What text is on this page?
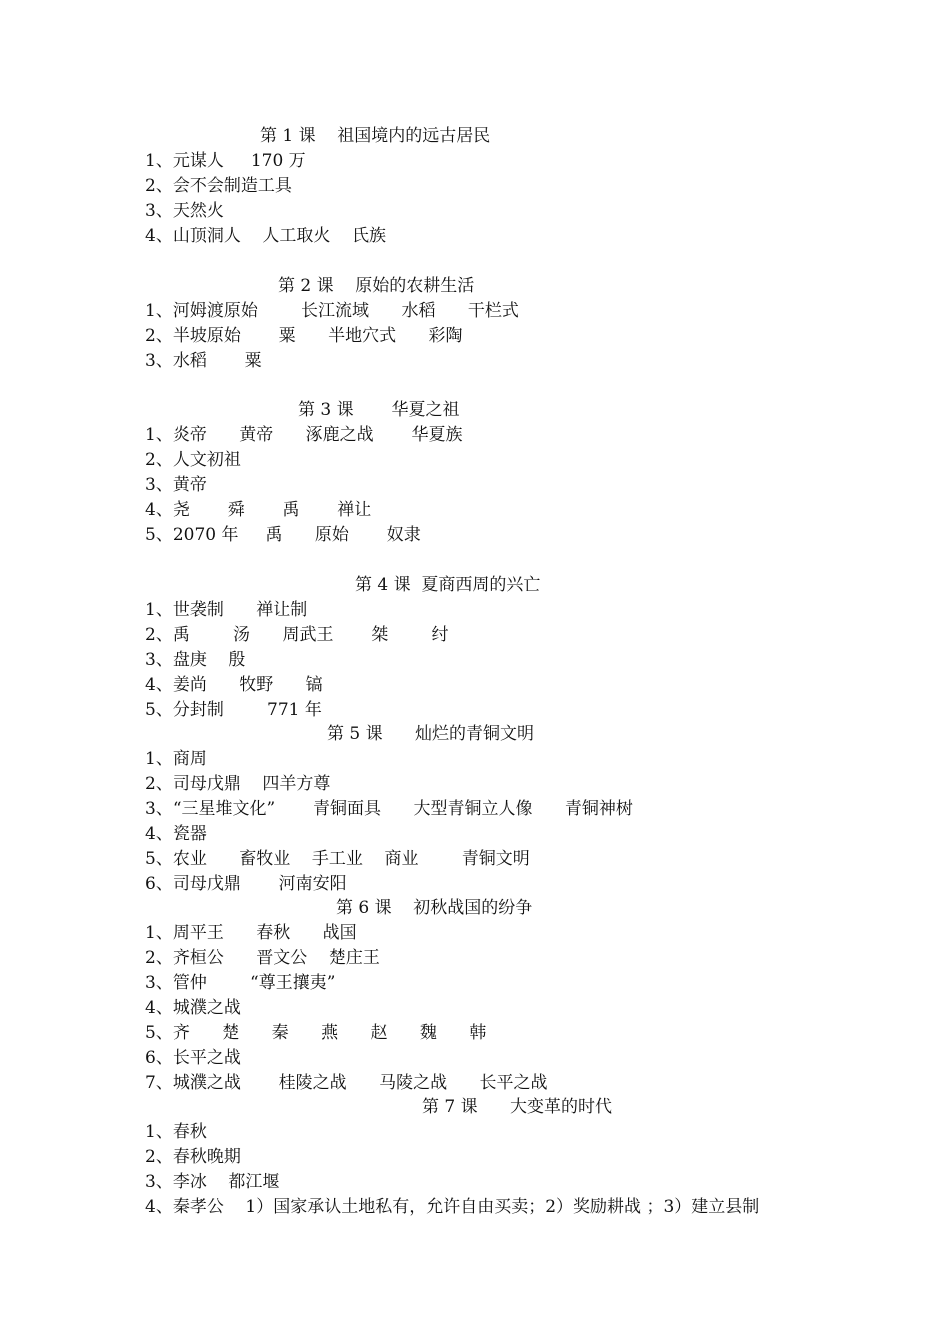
第 1 课    祖国境内的远古居民
1、元谋人     170 万
2、会不会制造工具
3、天然火
4、山顶洞人    人工取火    氏族
第 2 课    原始的农耕生活
1、河姆渡原始        长江流域      水稻      干栏式
2、半坡原始       粟      半地穴式      彩陶
3、水稻       粟
第 3 课       华夏之祖
1、炎帝      黄帝      涿鹿之战       华夏族
2、人文初祖
3、黄帝
4、尧       舜       禹       禅让
5、2070 年     禹      原始       奴隶
第 4 课  夏商西周的兴亡
1、世袭制      禅让制
2、禹        汤      周武王       桀        纣
3、盘庚    殷
4、姜尚      牧野      镐
5、分封制        771 年
第 5 课      灿烂的青铜文明
1、商周
2、司母戊鼎    四羊方尊
3、“三星堆文化”       青铜面具      大型青铜立人像      青铜神树
4、瓷器
5、农业      畜牧业    手工业    商业        青铜文明
6、司母戊鼎       河南安阳
第 6 课    初秋战国的纷争
1、周平王      春秋      战国
2、齐桓公      晋文公    楚庄王
3、管仲        “尊王攘夷”
4、城濮之战
5、齐      楚      秦      燕      赵      魏      韩
6、长平之战
7、城濮之战       桂陵之战      马陵之战      长平之战
第 7 课      大变革的时代
1、春秋
2、春秋晚期
3、李冰    都江堰
4、秦孝公    1）国家承认土地私有，允许自由买卖；2）奖励耕战 ；3）建立县制
